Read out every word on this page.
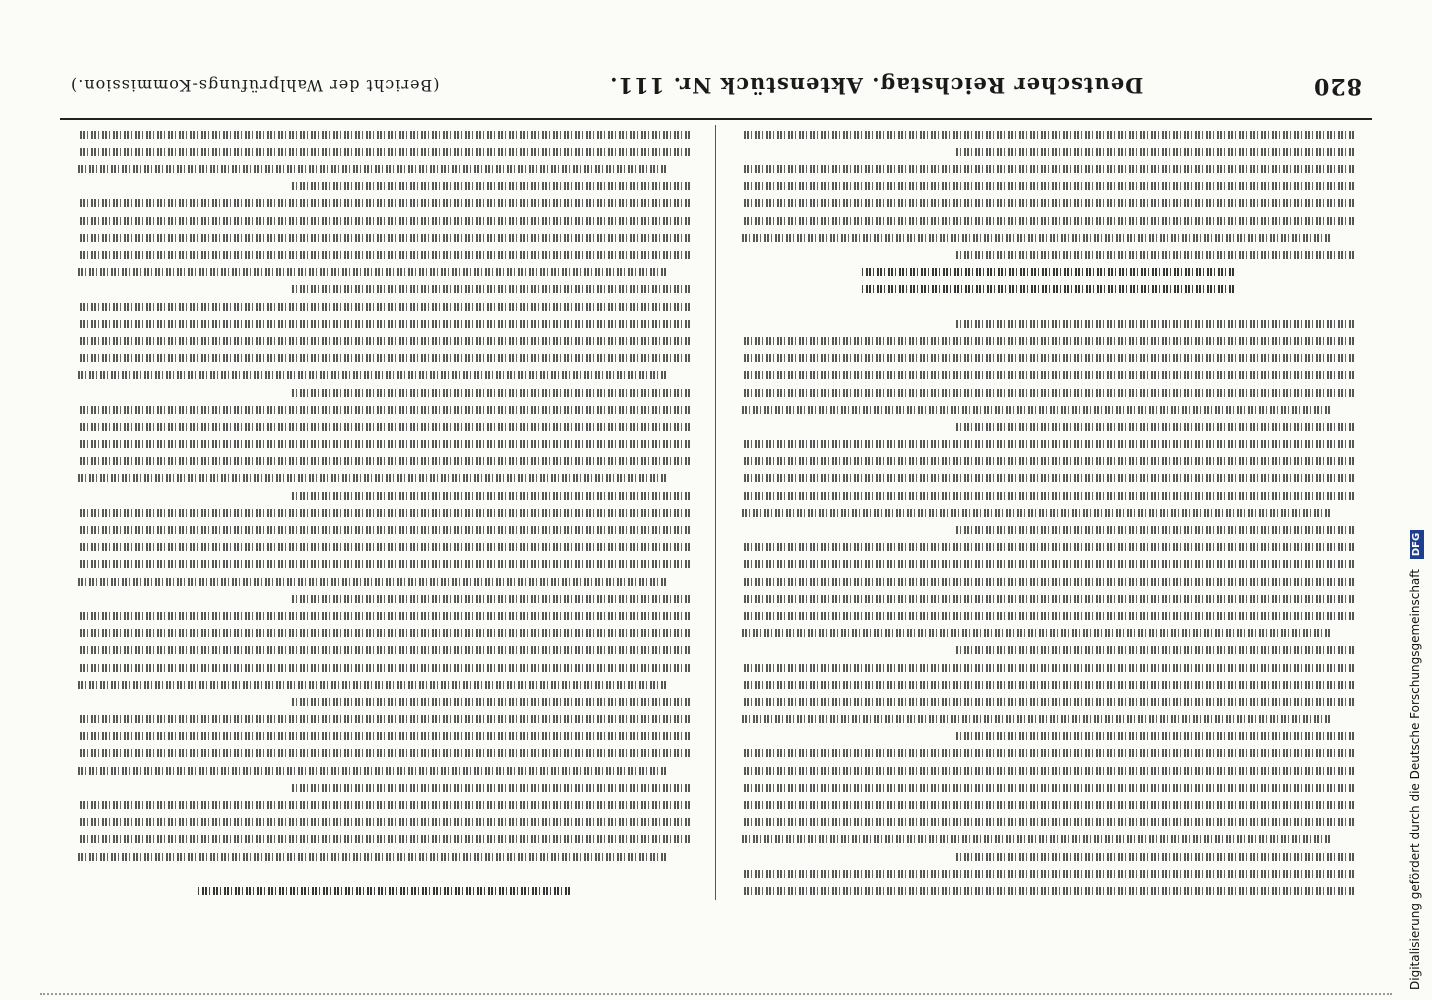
820
Deutscher Reichstag. Aktenstück Nr. 111.
(Bericht der Wahlprüfungs-Kommission.)
Digitalisierung gefördert durch die Deutsche Forschungsgemeinschaft DFG
